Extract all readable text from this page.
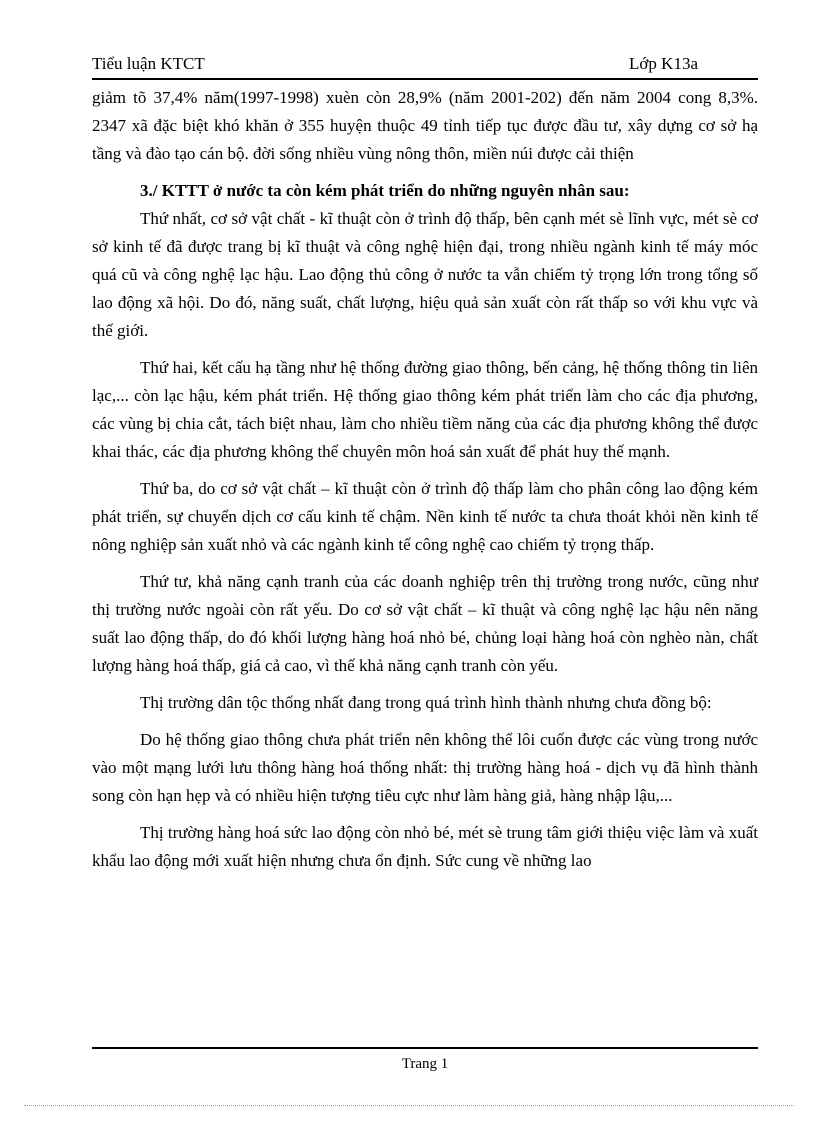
Tiểu luận KTCT	Lớp K13a

giảm tõ 37,4% năm(1997-1998) xuèn còn 28,9% (năm 2001-202) đến năm 2004 cong 8,3%. 2347 xã đặc biệt khó khăn ở 355 huyện thuộc 49 tỉnh tiếp tục được đầu tư, xây dựng cơ sở hạ tầng và đào tạo cán bộ. đời sống nhiều vùng nông thôn, miền núi được cải thiện

3./ KTTT ở nước ta còn kém phát triển do những nguyên nhân sau:

Thứ nhất, cơ sở vật chất - kĩ thuật còn ở trình độ thấp, bên cạnh mét sè lĩnh vực, mét sè cơ sở kinh tế đã được trang bị kĩ thuật và công nghệ hiện đại, trong nhiều ngành kinh tế máy móc quá cũ và công nghệ lạc hậu. Lao động thủ công ở nước ta vẫn chiếm tỷ trọng lớn trong tổng số lao động xã hội. Do đó, năng suất, chất lượng, hiệu quả sản xuất còn rất thấp so với khu vực và thế giới.

Thứ hai, kết cấu hạ tầng như hệ thống đường giao thông, bến cảng, hệ thống thông tin liên lạc,... còn lạc hậu, kém phát triển. Hệ thống giao thông kém phát triển làm cho các địa phương, các vùng bị chia cắt, tách biệt nhau, làm cho nhiều tiềm năng của các địa phương không thể được khai thác, các địa phương không thể chuyên môn hoá sản xuất để phát huy thế mạnh.

Thứ ba, do cơ sở vật chất – kĩ thuật còn ở trình độ thấp làm cho phân công lao động kém phát triển, sự chuyển dịch cơ cấu kinh tế chậm. Nền kinh tế nước ta chưa thoát khỏi nền kinh tế nông nghiệp sản xuất nhỏ và các ngành kinh tế công nghệ cao chiếm tỷ trọng thấp.

Thứ tư, khả năng cạnh tranh của các doanh nghiệp trên thị trường trong nước, cũng như thị trường nước ngoài còn rất yếu. Do cơ sở vật chất – kĩ thuật và công nghệ lạc hậu nên năng suất lao động thấp, do đó khối lượng hàng hoá nhỏ bé, chủng loại hàng hoá còn nghèo nàn, chất lượng hàng hoá thấp, giá cả cao, vì thế khả năng cạnh tranh còn yếu.

Thị trường dân tộc thống nhất đang trong quá trình hình thành nhưng chưa đồng bộ:

Do hệ thống giao thông chưa phát triển nên không thể lôi cuốn được các vùng trong nước vào một mạng lưới lưu thông hàng hoá thống nhất: thị trường hàng hoá - dịch vụ đã hình thành song còn hạn hẹp và có nhiều hiện tượng tiêu cực như làm hàng giả, hàng nhập lậu,...

Thị trường hàng hoá sức lao động còn nhỏ bé, mét sè trung tâm giới thiệu việc làm và xuất khẩu lao động mới xuất hiện nhưng chưa ổn định. Sức cung về những lao

Trang 1
